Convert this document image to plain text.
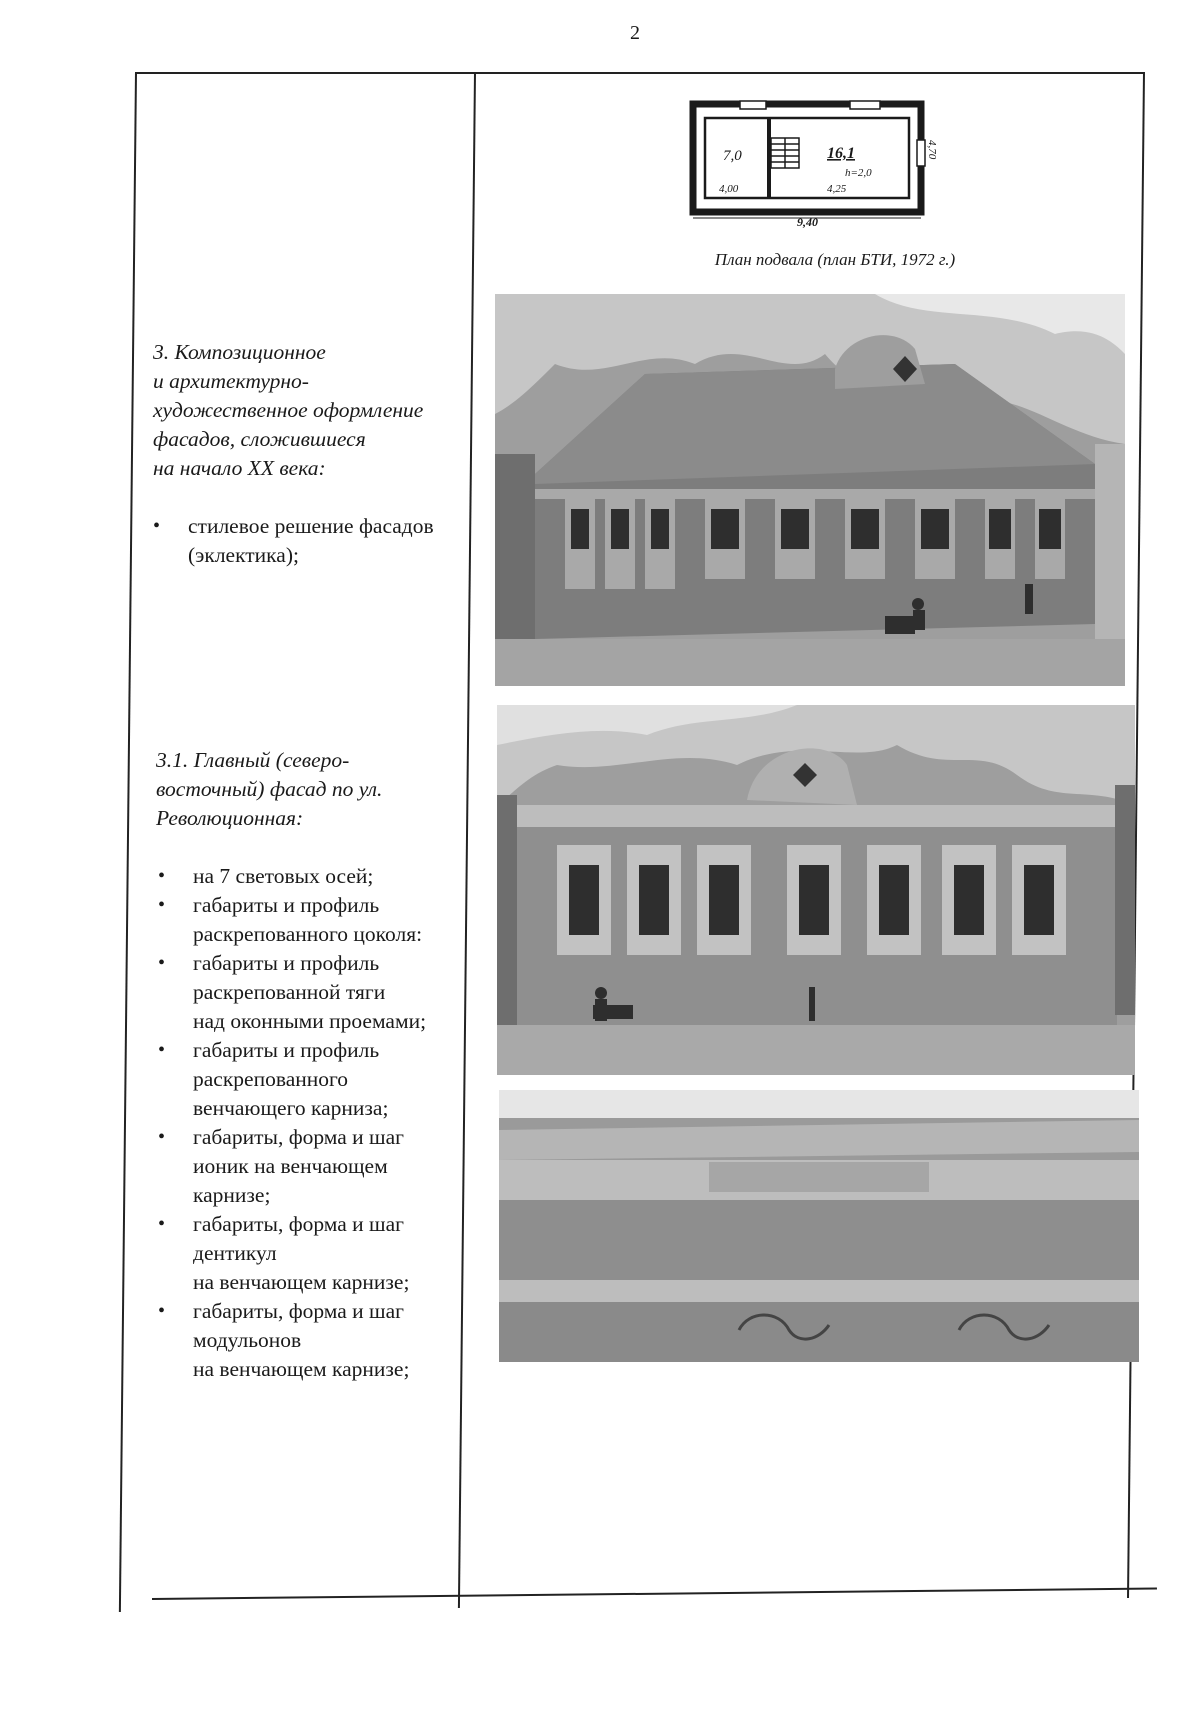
2
3. Композиционное
и архитектурно-
художественное оформление
фасадов, сложившиеся
на начало XX века:
• стилевое решение фасадов
(эклектика);
3.1. Главный (северо-
восточный) фасад по ул.
Революционная:
• на 7 световых осей;
• габариты и профиль
раскрепованного цоколя:
• габариты и профиль
раскрепованной тяги
над оконными проемами;
• габариты и профиль
раскрепованного
венчающего карниза;
• габариты, форма и шаг
ионик на венчающем
карнизе;
• габариты, форма и шаг
дентикул
на венчающем карнизе;
• габариты, форма и шаг
модульонов
на венчающем карнизе;
7,0	16,1
h=2,0
4,00	4,25
9,40
4,70
План подвала (план БТИ, 1972 г.)
